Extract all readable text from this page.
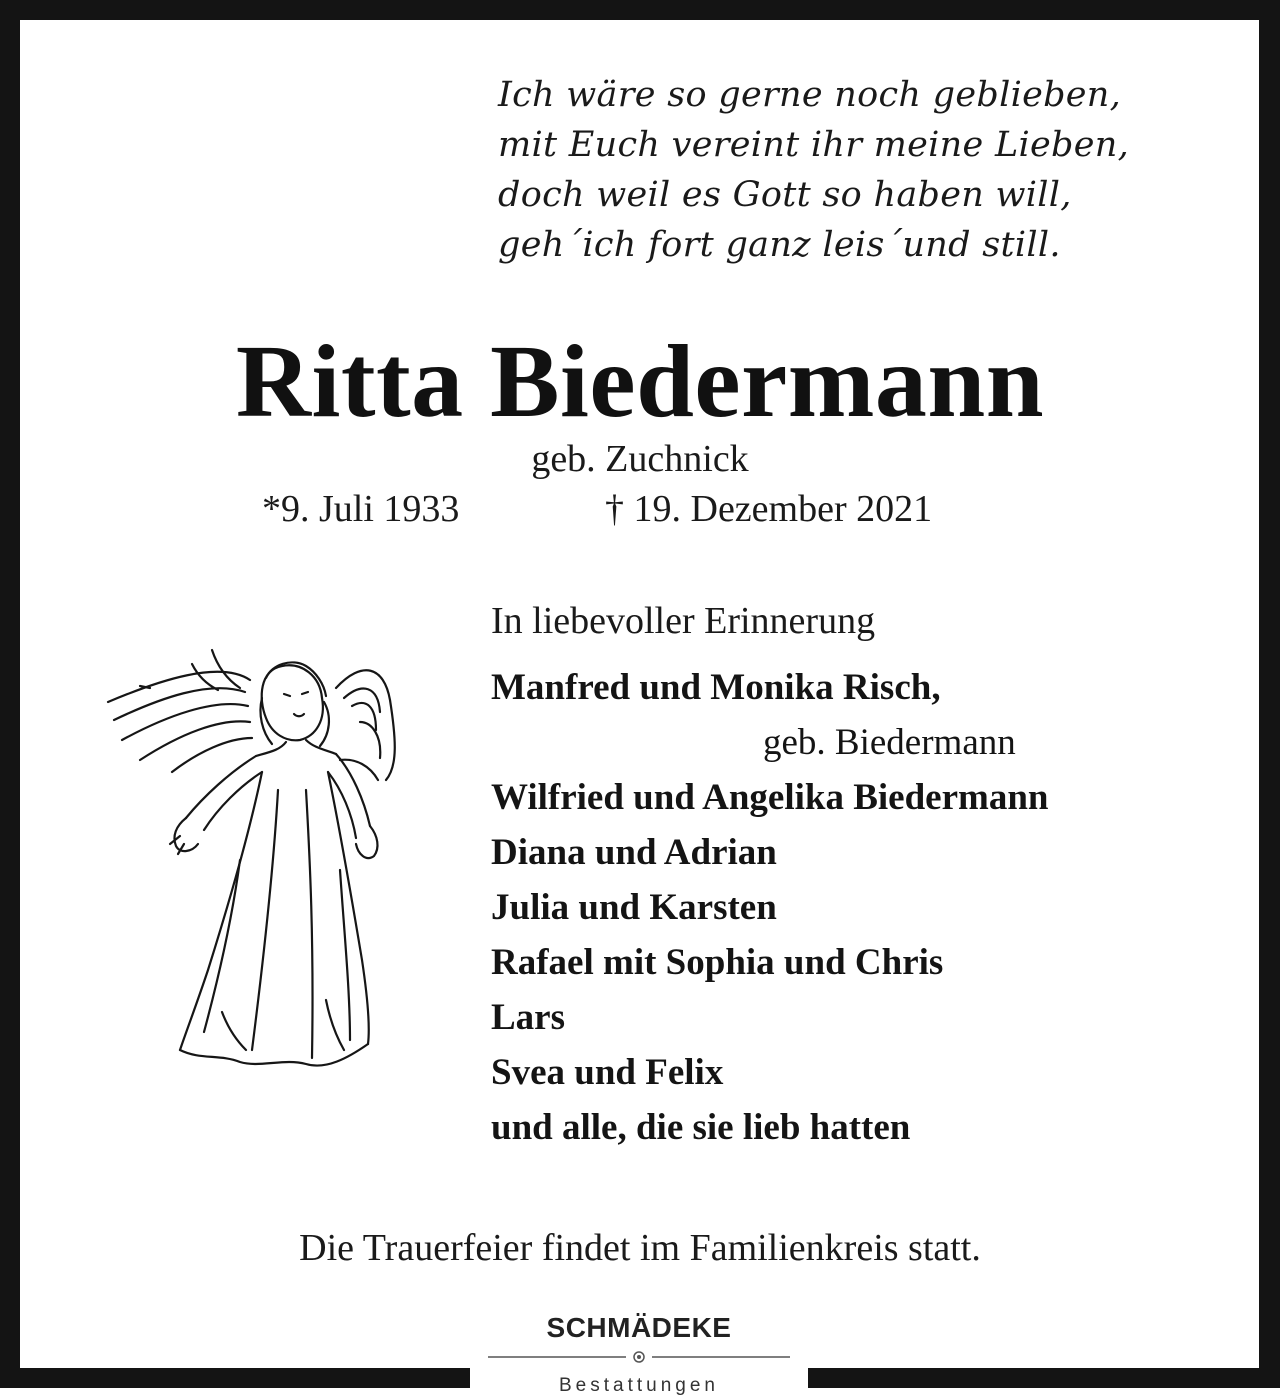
Ich wäre so gerne noch geblieben,
mit Euch vereint ihr meine Lieben,
doch weil es Gott so haben will,
geh´ich fort ganz leis´und still.
Ritta Biedermann
geb. Zuchnick
*9. Juli 1933	† 19. Dezember 2021
In liebevoller Erinnerung
Manfred und Monika Risch,
geb. Biedermann
Wilfried und Angelika Biedermann
Diana und Adrian
Julia und Karsten
Rafael mit Sophia und Chris
Lars
Svea und Felix
und alle, die sie lieb hatten
Die Trauerfeier findet im Familienkreis statt.
SCHMÄDEKE
Bestattungen
